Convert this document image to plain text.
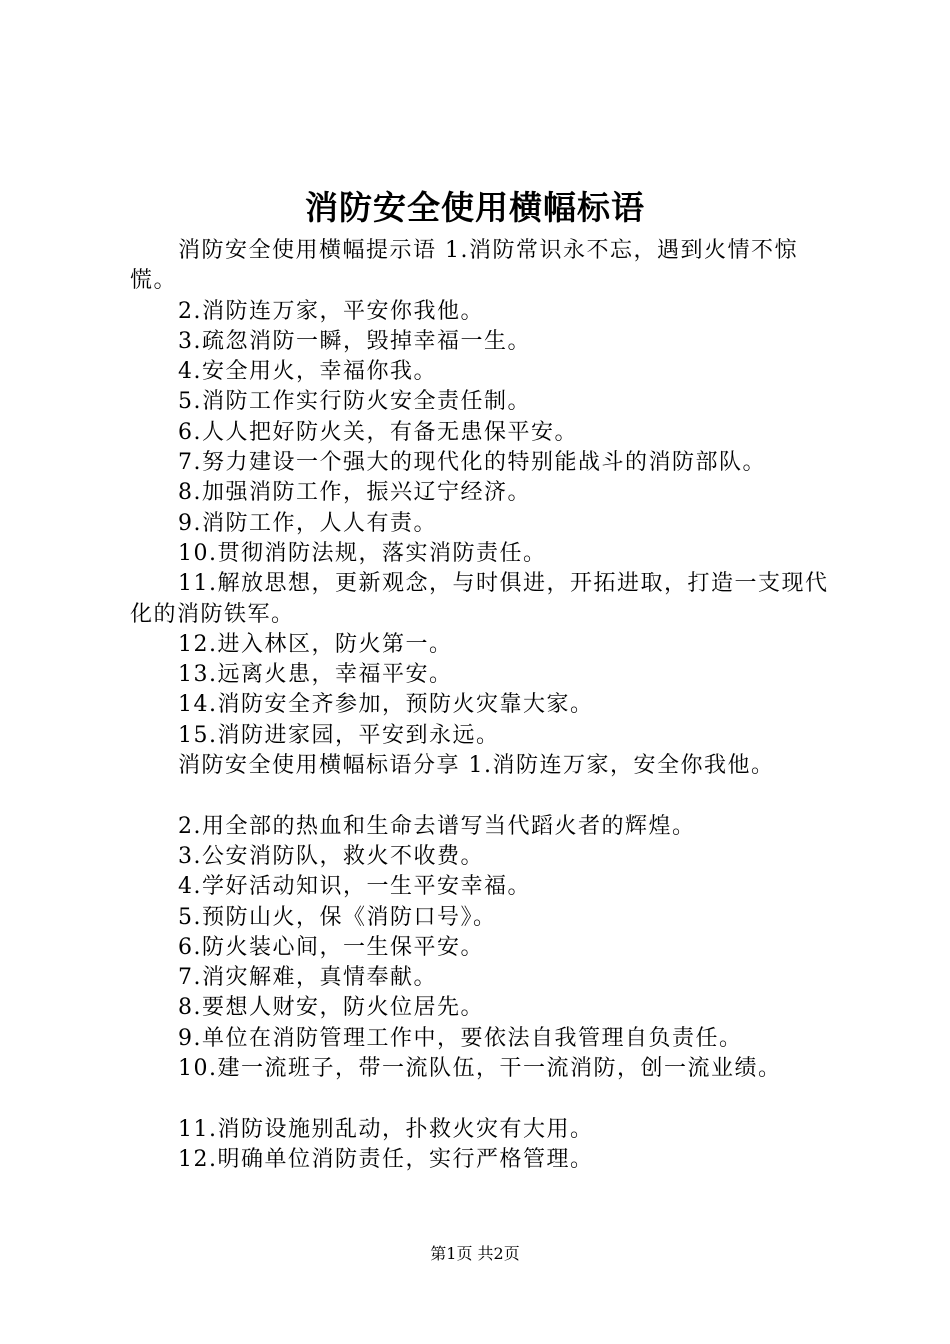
消防安全使用横幅标语

消防安全使用横幅提示语 1.消防常识永不忘，遇到火情不惊慌。

2.消防连万家，平安你我他。

3.疏忽消防一瞬，毁掉幸福一生。

4.安全用火，幸福你我。

5.消防工作实行防火安全责任制。

6.人人把好防火关，有备无患保平安。

7.努力建设一个强大的现代化的特别能战斗的消防部队。

8.加强消防工作，振兴辽宁经济。

9.消防工作，人人有责。

10.贯彻消防法规，落实消防责任。

11.解放思想，更新观念，与时俱进，开拓进取，打造一支现代化的消防铁军。

12.进入林区，防火第一。

13.远离火患，幸福平安。

14.消防安全齐参加，预防火灾靠大家。

15.消防进家园，平安到永远。

消防安全使用横幅标语分享 1.消防连万家，安全你我他。

2.用全部的热血和生命去谱写当代蹈火者的辉煌。

3.公安消防队，救火不收费。

4.学好活动知识，一生平安幸福。

5.预防山火，保《消防口号》。

6.防火装心间，一生保平安。

7.消灾解难，真情奉献。

8.要想人财安，防火位居先。

9.单位在消防管理工作中，要依法自我管理自负责任。

10.建一流班子，带一流队伍，干一流消防，创一流业绩。

11.消防设施别乱动，扑救火灾有大用。

12.明确单位消防责任，实行严格管理。

第1页 共2页
